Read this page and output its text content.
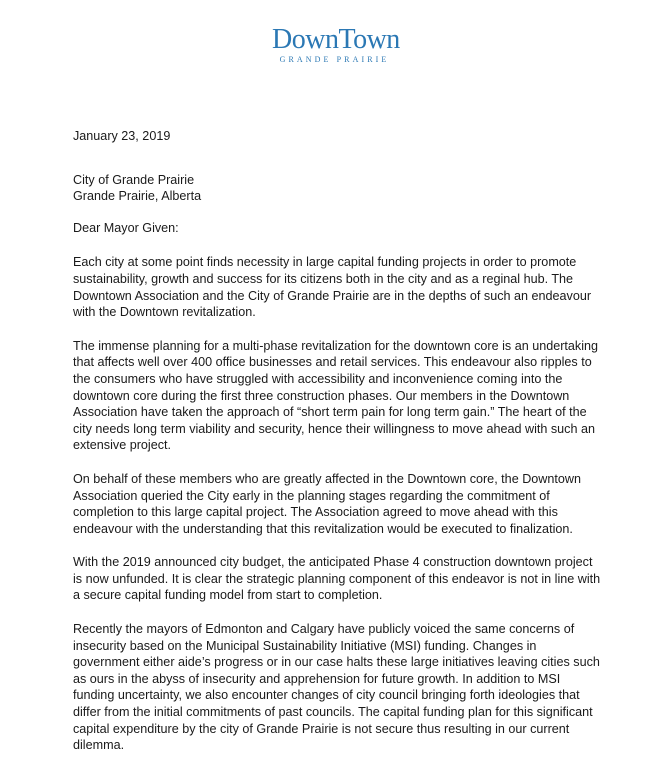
DownTown
GRANDE PRAIRIE
January 23, 2019
City of Grande Prairie
Grande Prairie, Alberta
Dear Mayor Given:
Each city at some point finds necessity in large capital funding projects in order to promote
sustainability, growth and success for its citizens both in the city and as a reginal hub. The
Downtown Association and the City of Grande Prairie are in the depths of such an endeavour
with the Downtown revitalization.
The immense planning for a multi-phase revitalization for the downtown core is an undertaking
that affects well over 400 office businesses and retail services. This endeavour also ripples to
the consumers who have struggled with accessibility and inconvenience coming into the
downtown core during the first three construction phases. Our members in the Downtown
Association have taken the approach of “short term pain for long term gain.” The heart of the
city needs long term viability and security, hence their willingness to move ahead with such an
extensive project.
On behalf of these members who are greatly affected in the Downtown core, the Downtown
Association queried the City early in the planning stages regarding the commitment of
completion to this large capital project. The Association agreed to move ahead with this
endeavour with the understanding that this revitalization would be executed to finalization.
With the 2019 announced city budget, the anticipated Phase 4 construction downtown project
is now unfunded. It is clear the strategic planning component of this endeavor is not in line with
a secure capital funding model from start to completion.
Recently the mayors of Edmonton and Calgary have publicly voiced the same concerns of
insecurity based on the Municipal Sustainability Initiative (MSI) funding. Changes in
government either aide’s progress or in our case halts these large initiatives leaving cities such
as ours in the abyss of insecurity and apprehension for future growth. In addition to MSI
funding uncertainty, we also encounter changes of city council bringing forth ideologies that
differ from the initial commitments of past councils. The capital funding plan for this significant
capital expenditure by the city of Grande Prairie is not secure thus resulting in our current
dilemma.
